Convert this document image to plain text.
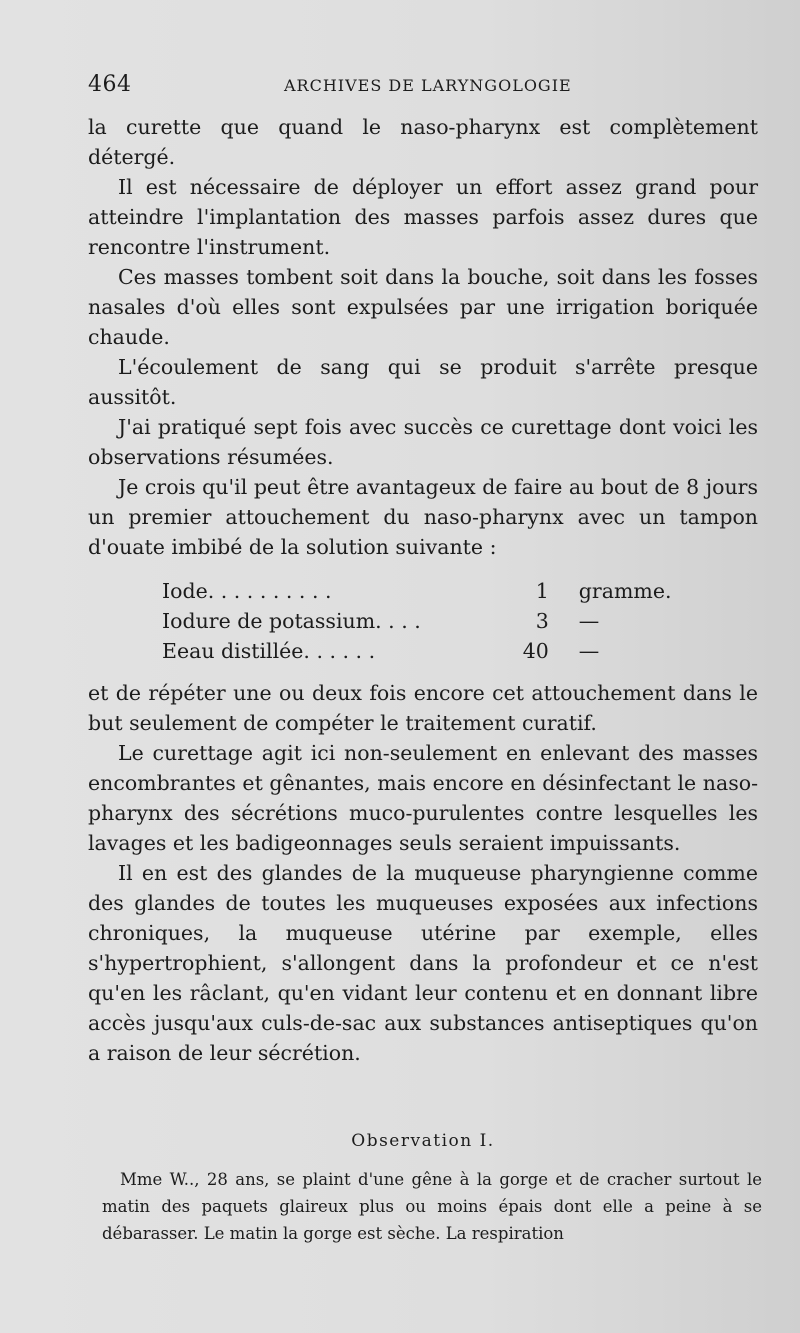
464	ARCHIVES DE LARYNGOLOGIE

la curette que quand le naso-pharynx est complètement détergé.

Il est nécessaire de déployer un effort assez grand pour atteindre l'implantation des masses parfois assez dures que rencontre l'instrument.

Ces masses tombent soit dans la bouche, soit dans les fosses nasales d'où elles sont expulsées par une irrigation boriquée chaude.

L'écoulement de sang qui se produit s'arrête presque aussitôt.

J'ai pratiqué sept fois avec succès ce curettage dont voici les observations résumées.

Je crois qu'il peut être avantageux de faire au bout de 8 jours un premier attouchement du naso-pharynx avec un tampon d'ouate imbibé de la solution suivante :

Iode. . . . . . . . . .	1	gramme.
Iodure de potassium. . . .	3	—
Eeau distillée. . . . . .	40	—

et de répéter une ou deux fois encore cet attouchement dans le but seulement de compéter le traitement curatif.

Le curettage agit ici non-seulement en enlevant des masses encombrantes et gênantes, mais encore en désinfectant le naso-pharynx des sécrétions muco-purulentes contre lesquelles les lavages et les badigeonnages seuls seraient impuissants.

Il en est des glandes de la muqueuse pharyngienne comme des glandes de toutes les muqueuses exposées aux infections chroniques, la muqueuse utérine par exemple, elles s'hypertrophient, s'allongent dans la profondeur et ce n'est qu'en les râclant, qu'en vidant leur contenu et en donnant libre accès jusqu'aux culs-de-sac aux substances antiseptiques qu'on a raison de leur sécrétion.

Observation I.

Mme W.., 28 ans, se plaint d'une gêne à la gorge et de cracher surtout le matin des paquets glaireux plus ou moins épais dont elle a peine à se débarasser. Le matin la gorge est sèche. La respiration
